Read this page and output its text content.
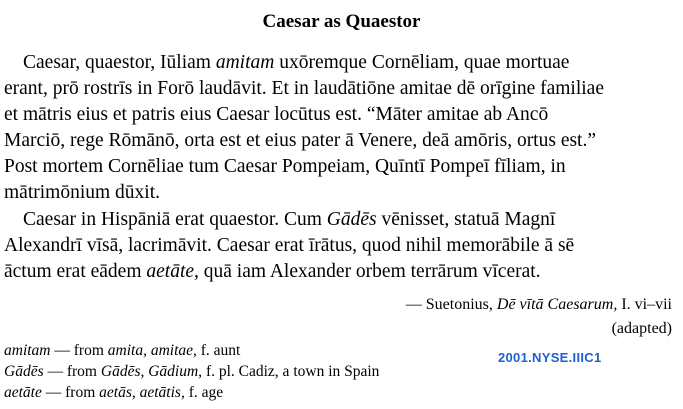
Caesar as Quaestor
Caesar, quaestor, Iūliam amitam uxōremque Cornēliam, quae mortuae
erant, prō rostrīs in Forō laudāvit. Et in laudātiōne amitae dē orīgine familiae
et mātris eius et patris eius Caesar locūtus est. “Māter amitae ab Ancō
Marciō, rege Rōmānō, orta est et eius pater ā Venere, deā amōris, ortus est.”
Post mortem Cornēliae tum Caesar Pompeiam, Quīntī Pompeī fīliam, in
mātrimōnium dūxit.
Caesar in Hispāniā erat quaestor. Cum Gādēs vēnisset, statuā Magnī
Alexandrī vīsā, lacrimāvit. Caesar erat īrātus, quod nihil memorābile ā sē
āctum erat eādem aetāte, quā iam Alexander orbem terrārum vīcerat.
— Suetonius, Dē vītā Caesarum, I. vi–vii
(adapted)
amitam — from amita, amitae, f. aunt
Gādēs — from Gādēs, Gādium, f. pl. Cadiz, a town in Spain
aetāte — from aetās, aetātis, f. age
2001.NYSE.IIIC1
